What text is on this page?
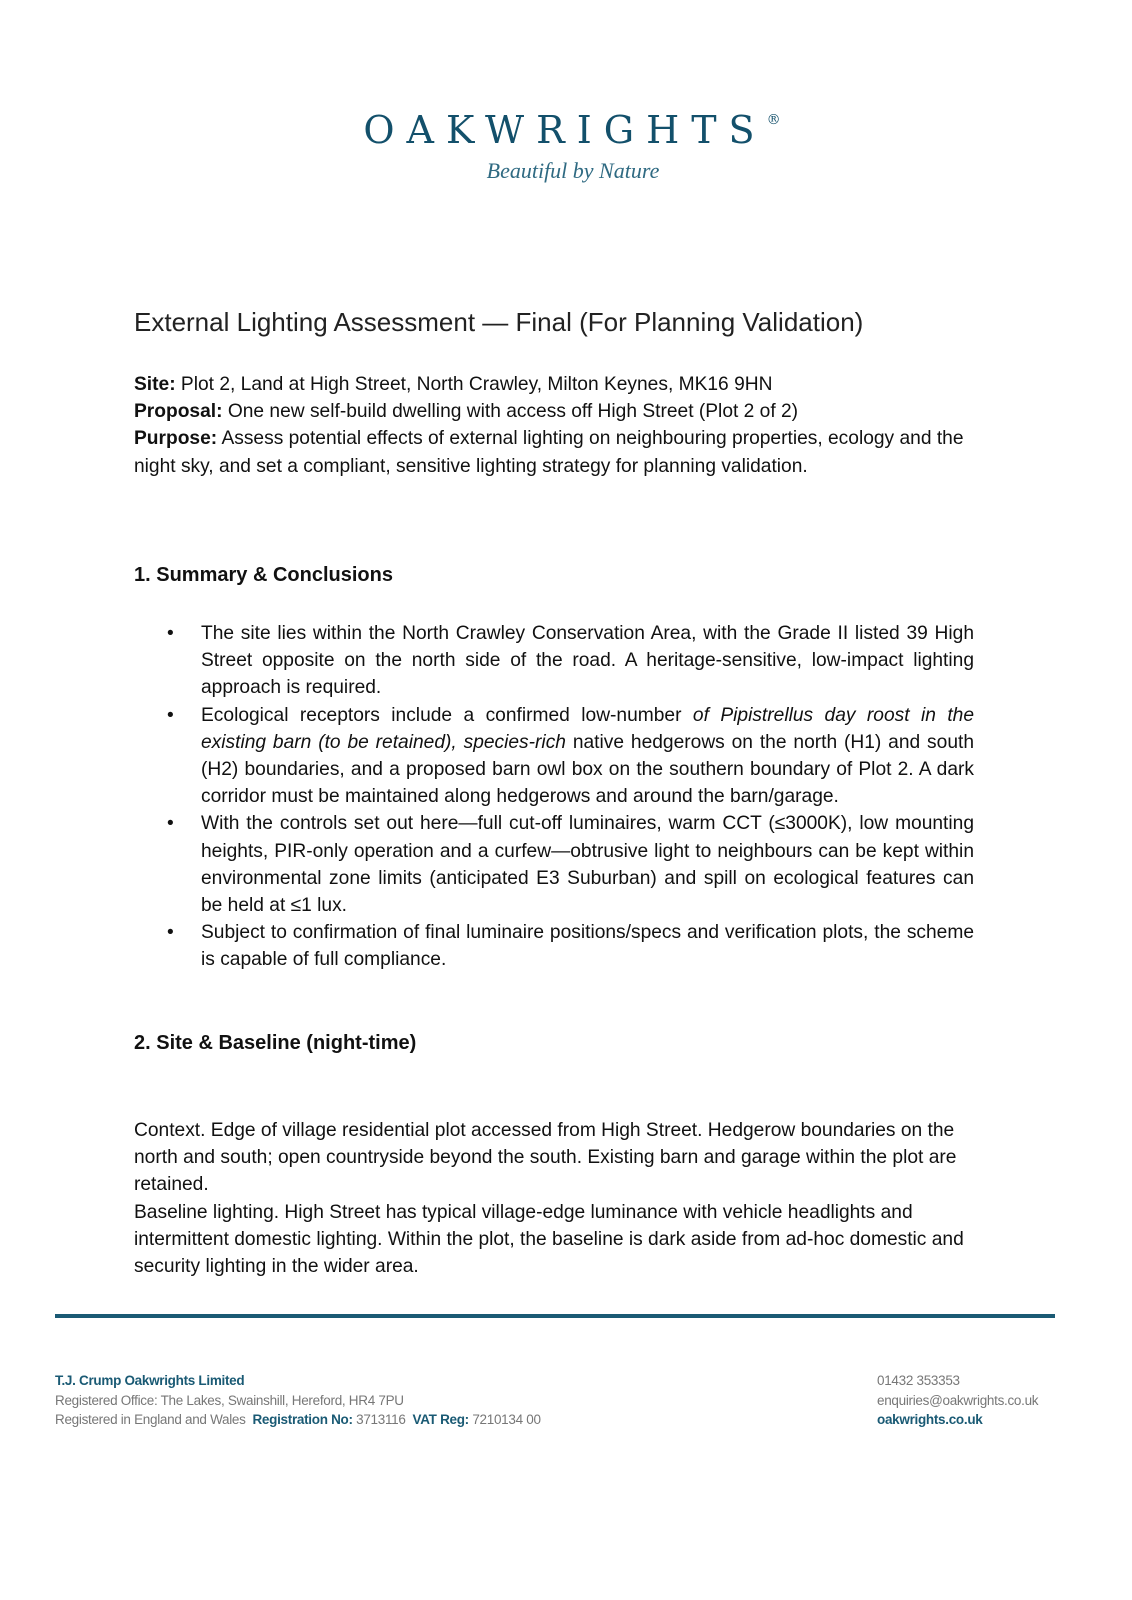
OAKWRIGHTS®
Beautiful by Nature
External Lighting Assessment — Final (For Planning Validation)
Site: Plot 2, Land at High Street, North Crawley, Milton Keynes, MK16 9HN
Proposal: One new self-build dwelling with access off High Street (Plot 2 of 2)
Purpose: Assess potential effects of external lighting on neighbouring properties, ecology and the night sky, and set a compliant, sensitive lighting strategy for planning validation.
1. Summary & Conclusions
• The site lies within the North Crawley Conservation Area, with the Grade II listed 39 High Street opposite on the north side of the road. A heritage-sensitive, low-impact lighting approach is required.
• Ecological receptors include a confirmed low-number of Pipistrellus day roost in the existing barn (to be retained), species-rich native hedgerows on the north (H1) and south (H2) boundaries, and a proposed barn owl box on the southern boundary of Plot 2. A dark corridor must be maintained along hedgerows and around the barn/garage.
• With the controls set out here—full cut-off luminaires, warm CCT (≤3000K), low mounting heights, PIR-only operation and a curfew—obtrusive light to neighbours can be kept within environmental zone limits (anticipated E3 Suburban) and spill on ecological features can be held at ≤1 lux.
• Subject to confirmation of final luminaire positions/specs and verification plots, the scheme is capable of full compliance.
2. Site & Baseline (night-time)
Context. Edge of village residential plot accessed from High Street. Hedgerow boundaries on the north and south; open countryside beyond the south. Existing barn and garage within the plot are retained.
Baseline lighting. High Street has typical village-edge luminance with vehicle headlights and intermittent domestic lighting. Within the plot, the baseline is dark aside from ad-hoc domestic and security lighting in the wider area.
T.J. Crump Oakwrights Limited
Registered Office: The Lakes, Swainshill, Hereford, HR4 7PU
Registered in England and Wales Registration No: 3713116 VAT Reg: 7210134 00
01432 353353
enquiries@oakwrights.co.uk
oakwrights.co.uk
